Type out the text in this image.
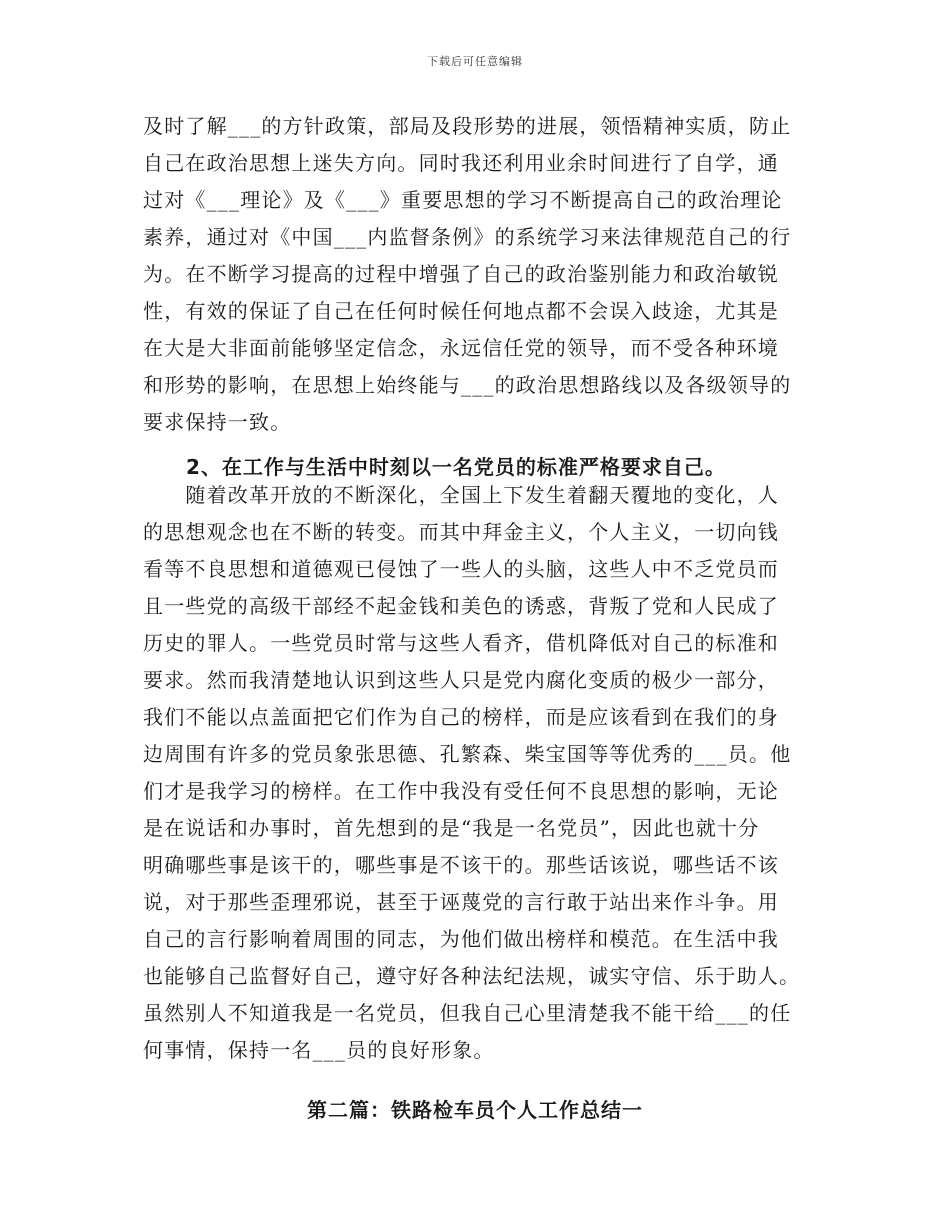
下载后可任意编辑
及时了解___的方针政策，部局及段形势的进展，领悟精神实质，防止
自己在政治思想上迷失方向。同时我还利用业余时间进行了自学，通
过对《___理论》及《___》重要思想的学习不断提高自己的政治理论
素养，通过对《中国___内监督条例》的系统学习来法律规范自己的行
为。在不断学习提高的过程中增强了自己的政治鉴别能力和政治敏锐
性，有效的保证了自己在任何时候任何地点都不会误入歧途，尤其是
在大是大非面前能够坚定信念，永远信任党的领导，而不受各种环境
和形势的影响，在思想上始终能与___的政治思想路线以及各级领导的
要求保持一致。
2、在工作与生活中时刻以一名党员的标准严格要求自己。
　　随着改革开放的不断深化，全国上下发生着翻天覆地的变化，人
的思想观念也在不断的转变。而其中拜金主义，个人主义，一切向钱
看等不良思想和道德观已侵蚀了一些人的头脑，这些人中不乏党员而
且一些党的高级干部经不起金钱和美色的诱惑，背叛了党和人民成了
历史的罪人。一些党员时常与这些人看齐，借机降低对自己的标准和
要求。然而我清楚地认识到这些人只是党内腐化变质的极少一部分，
我们不能以点盖面把它们作为自己的榜样，而是应该看到在我们的身
边周围有许多的党员象张思德、孔繁森、柴宝国等等优秀的___员。他
们才是我学习的榜样。在工作中我没有受任何不良思想的影响，无论
是在说话和办事时，首先想到的是“我是一名党员”，因此也就十分
明确哪些事是该干的，哪些事是不该干的。那些话该说，哪些话不该
说，对于那些歪理邪说，甚至于诬蔑党的言行敢于站出来作斗争。用
自己的言行影响着周围的同志，为他们做出榜样和模范。在生活中我
也能够自己监督好自己，遵守好各种法纪法规，诚实守信、乐于助人。
虽然别人不知道我是一名党员，但我自己心里清楚我不能干给___的任
何事情，保持一名___员的良好形象。
第二篇：铁路检车员个人工作总结一
